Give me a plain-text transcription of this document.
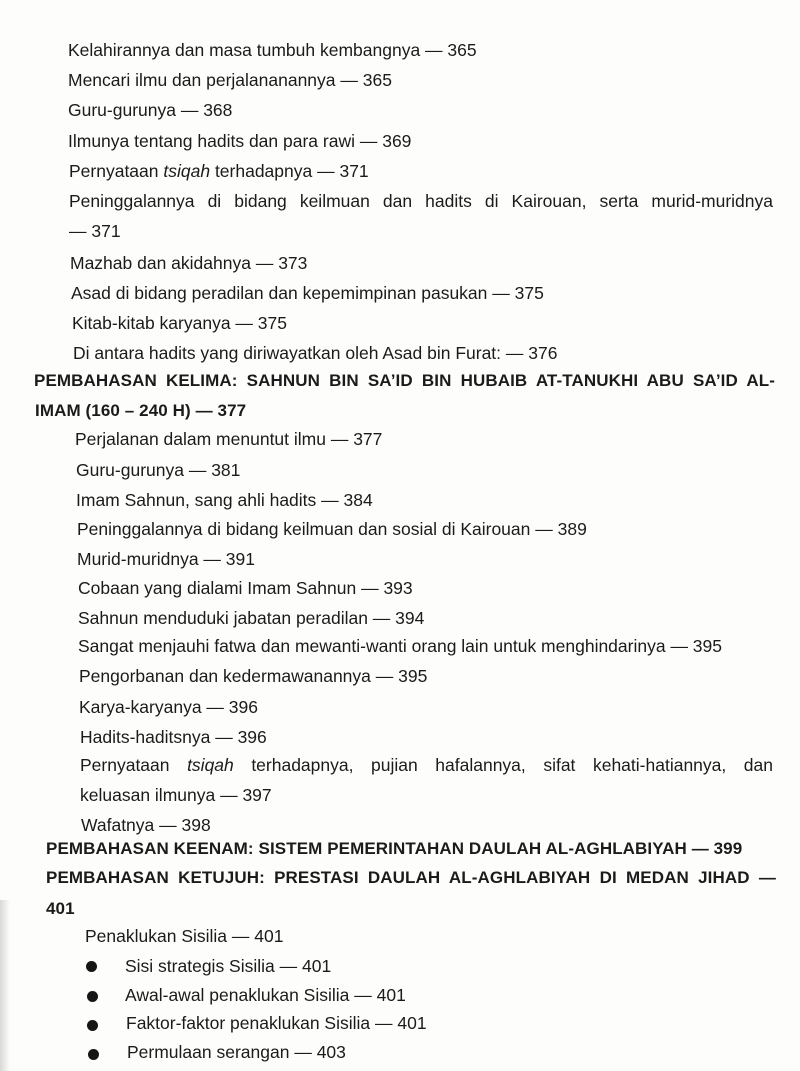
Kelahirannya dan masa tumbuh kembangnya — 365
Mencari ilmu dan perjalananannya — 365
Guru-gurunya — 368
Ilmunya tentang hadits dan para rawi — 369
Pernyataan tsiqah terhadapnya — 371
Peninggalannya di bidang keilmuan dan hadits di Kairouan, serta murid-muridnya
— 371
Mazhab dan akidahnya — 373
Asad di bidang peradilan dan kepemimpinan pasukan — 375
Kitab-kitab karyanya — 375
Di antara hadits yang diriwayatkan oleh Asad bin Furat: — 376
PEMBAHASAN KELIMA: SAHNUN BIN SA’ID BIN HUBAIB AT-TANUKHI ABU SA’ID AL-
IMAM (160 – 240 H) — 377
Perjalanan dalam menuntut ilmu — 377
Guru-gurunya — 381
Imam Sahnun, sang ahli hadits — 384
Peninggalannya di bidang keilmuan dan sosial di Kairouan — 389
Murid-muridnya — 391
Cobaan yang dialami Imam Sahnun — 393
Sahnun menduduki jabatan peradilan — 394
Sangat menjauhi fatwa dan mewanti-wanti orang lain untuk menghindarinya — 395
Pengorbanan dan kedermawanannya — 395
Karya-karyanya — 396
Hadits-haditsnya — 396
Pernyataan tsiqah terhadapnya, pujian hafalannya, sifat kehati-hatiannya, dan
keluasan ilmunya — 397
Wafatnya — 398
PEMBAHASAN KEENAM: SISTEM PEMERINTAHAN DAULAH AL-AGHLABIYAH — 399
PEMBAHASAN KETUJUH: PRESTASI DAULAH AL-AGHLABIYAH DI MEDAN JIHAD —
401
Penaklukan Sisilia — 401
Sisi strategis Sisilia — 401
Awal-awal penaklukan Sisilia — 401
Faktor-faktor penaklukan Sisilia — 401
Permulaan serangan — 403
